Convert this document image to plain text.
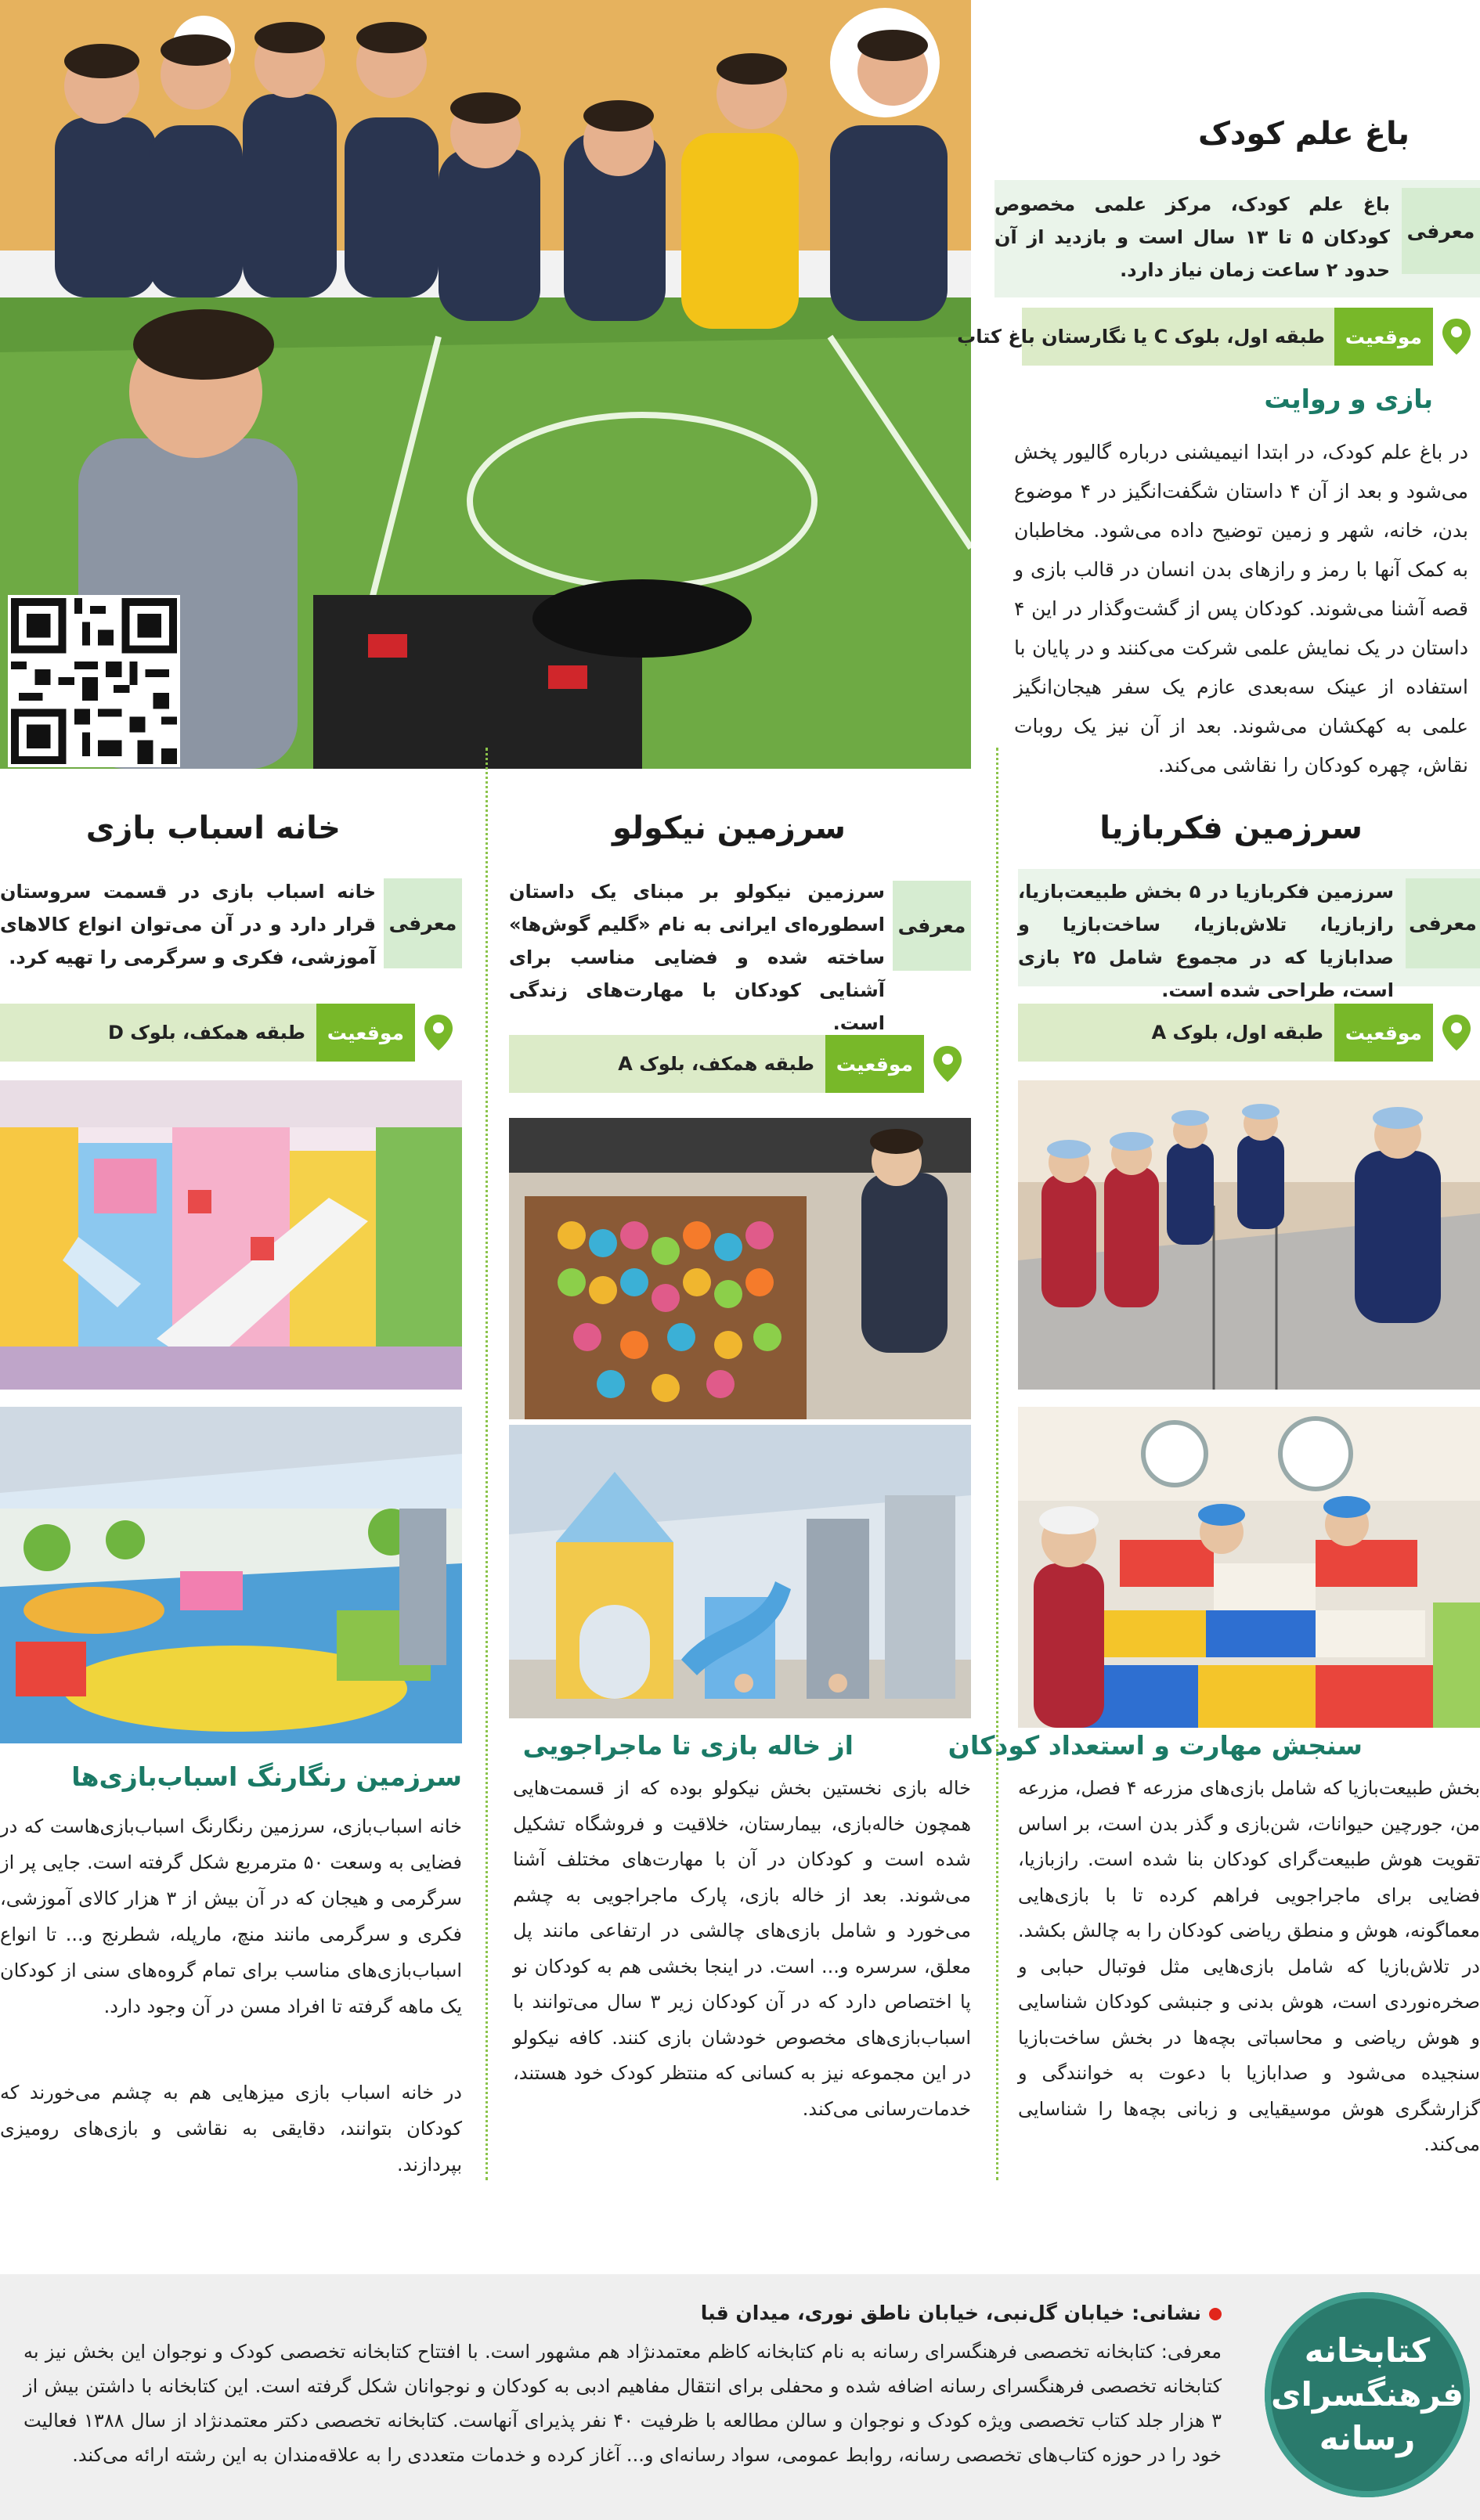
باغ علم کودک
معرفی
باغ علم کودک، مرکز علمی مخصوص کودکان ۵ تا ۱۳ سال است و بازدید از آن حدود ۲ ساعت زمان نیاز دارد.
موقعیت
طبقه اول، بلوک C یا نگارستان باغ کتاب
بازی و روایت
در باغ علم کودک، در ابتدا انیمیشنی درباره گالیور پخش می‌شود و بعد از آن ۴ داستان شگفت‌انگیز در ۴ موضوع بدن، خانه، شهر و زمین توضیح داده می‌شود. مخاطبان به کمک آنها با رمز و رازهای بدن انسان در قالب بازی و قصه آشنا می‌شوند. کودکان پس از گشت‌وگذار در این ۴ داستان در یک نمایش علمی شرکت می‌کنند و در پایان با استفاده از عینک سه‌بعدی عازم یک سفر هیجان‌انگیز علمی به کهکشان می‌شوند. بعد از آن نیز یک روبات نقاش، چهره کودکان را نقاشی می‌کند.
سرزمین فکربازیا
معرفی
سرزمین فکربازیا در ۵ بخش طبیعت‌بازیا، رازبازیا، تلاش‌بازیا، ساخت‌بازیا و صدابازیا که در مجموع شامل ۲۵ بازی است، طراحی شده است.
موقعیت
طبقه اول، بلوک A
سنجش مهارت و استعداد کودکان
بخش طبیعت‌بازیا که شامل بازی‌های مزرعه ۴ فصل، مزرعه من، جورچین حیوانات، شن‌بازی و گذر بدن است، بر اساس تقویت هوش طبیعت‌گرای کودکان بنا شده است. رازبازیا، فضایی برای ماجراجویی فراهم کرده تا با بازی‌هایی معماگونه، هوش و منطق ریاضی کودکان را به چالش بکشد. در تلاش‌بازیا که شامل بازی‌هایی مثل فوتبال حبابی و صخره‌نوردی است، هوش بدنی و جنبشی کودکان شناسایی و هوش ریاضی و محاسباتی بچه‌ها در بخش ساخت‌بازیا سنجیده می‌شود و صدابازیا با دعوت به خوانندگی و گزارشگری هوش موسیقیایی و زبانی بچه‌ها را شناسایی می‌کند.
سرزمین نیکولو
معرفی
سرزمین نیکولو بر مبنای یک داستان اسطوره‌ای ایرانی به نام «گلیم گوش‌ها» ساخته شده و فضایی مناسب برای آشنایی کودکان با مهارت‌های زندگی است.
موقعیت
طبقه همکف، بلوک A
از خاله بازی تا ماجراجویی
خاله بازی نخستین بخش نیکولو بوده که از قسمت‌هایی همچون خاله‌بازی، بیمارستان، خلاقیت و فروشگاه تشکیل شده است و کودکان در آن با مهارت‌های مختلف آشنا می‌شوند. بعد از خاله بازی، پارک ماجراجویی به چشم می‌خورد و شامل بازی‌های چالشی در ارتفاعی مانند پل معلق، سرسره و... است. در اینجا بخشی هم به کودکان نو پا اختصاص دارد که در آن کودکان زیر ۳ سال می‌توانند با اسباب‌بازی‌های مخصوص خودشان بازی کنند. کافه نیکولو در این مجموعه نیز به کسانی که منتظر کودک خود هستند، خدمات‌رسانی می‌کند.
خانه اسباب بازی
معرفی
خانه اسباب بازی در قسمت سروستان قرار دارد و در آن می‌توان انواع کالاهای آموزشی، فکری و سرگرمی را تهیه کرد.
موقعیت
طبقه همکف، بلوک D
سرزمین رنگارنگ اسباب‌بازی‌ها
خانه اسباب‌بازی، سرزمین رنگارنگ اسباب‌بازی‌هاست که در فضایی به وسعت ۵۰ مترمربع شکل گرفته است. جایی پر از سرگرمی و هیجان که در آن بیش از ۳ هزار کالای آموزشی، فکری و سرگرمی مانند منچ، مارپله، شطرنج و... تا انواع اسباب‌بازی‌های مناسب برای تمام گروه‌های سنی از کودکان یک ماهه گرفته تا افراد مسن در آن وجود دارد.
در خانه اسباب بازی میزهایی هم به چشم می‌خورند که کودکان بتوانند، دقایقی به نقاشی و بازی‌های رومیزی بپردازند.
کتابخانه
فرهنگسرای
رسانه
نشانی: خیابان گل‌نبی، خیابان ناطق نوری، میدان قبا
معرفی: کتابخانه تخصصی فرهنگسرای رسانه به نام کتابخانه کاظم معتمدنژاد هم مشهور است. با افتتاح کتابخانه تخصصی کودک و نوجوان این بخش نیز به کتابخانه تخصصی فرهنگسرای رسانه اضافه شده و محفلی برای انتقال مفاهیم ادبی به کودکان و نوجوانان شکل گرفته است. این کتابخانه با داشتن بیش از ۳ هزار جلد کتاب تخصصی ویژه کودک و نوجوان و سالن مطالعه با ظرفیت ۴۰ نفر پذیرای آنهاست. کتابخانه تخصصی دکتر معتمدنژاد از سال ۱۳۸۸ فعالیت خود را در حوزه کتاب‌های تخصصی رسانه، روابط عمومی، سواد رسانه‌ای و... آغاز کرده و خدمات متعددی را به علاقه‌مندان به این رشته ارائه می‌کند.
